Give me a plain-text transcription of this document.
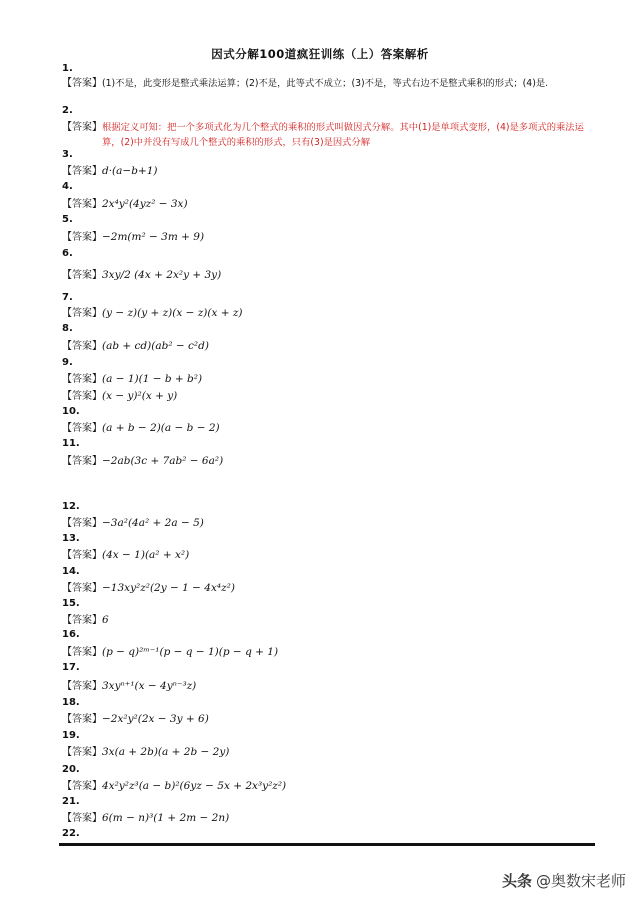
因式分解100道疯狂训练（上）答案解析
1.
【答案】 (1)不是，此变形是整式乘法运算；(2)不是，此等式不成立；(3)不是，等式右边不是整式乘积的形式；(4)是.
2.
【答案】 根据定义可知：把一个多项式化为几个整式的乘积的形式叫做因式分解。其中(1)是单项式变形，(4)是多项式的乘法运算，(2)中并没有写成几个整式的乘积的形式，只有(3)是因式分解
3.
【答案】 d·(a−b+1)
4.
【答案】 2x⁴y²(4yz² − 3x)
5.
【答案】 −2m(m² − 3m + 9)
6.
【答案】 3xy/2 (4x + 2x²y + 3y)
7.
【答案】 (y − z)(y + z)(x − z)(x + z)
8.
【答案】 (ab + cd)(ab² − c²d)
9.
【答案】 (a − 1)(1 − b + b²)
【答案】 (x − y)²(x + y)
10.
【答案】 (a + b − 2)(a − b − 2)
11.
【答案】 −2ab(3c + 7ab² − 6a²)
12.
【答案】 −3a²(4a² + 2a − 5)
13.
【答案】 (4x − 1)(a² + x²)
14.
【答案】 −13xy²z²(2y − 1 − 4x⁴z²)
15.
【答案】 6
16.
【答案】 (p − q)²ᵐ⁻¹(p − q − 1)(p − q + 1)
17.
【答案】 3xyⁿ⁺¹(x − 4yⁿ⁻³z)
18.
【答案】 −2x²y²(2x − 3y + 6)
19.
【答案】 3x(a + 2b)(a + 2b − 2y)
20.
【答案】 4x²y²z³(a − b)²(6yz − 5x + 2x³y²z²)
21.
【答案】 6(m − n)³(1 + 2m − 2n)
22.
头条 @奥数宋老师
